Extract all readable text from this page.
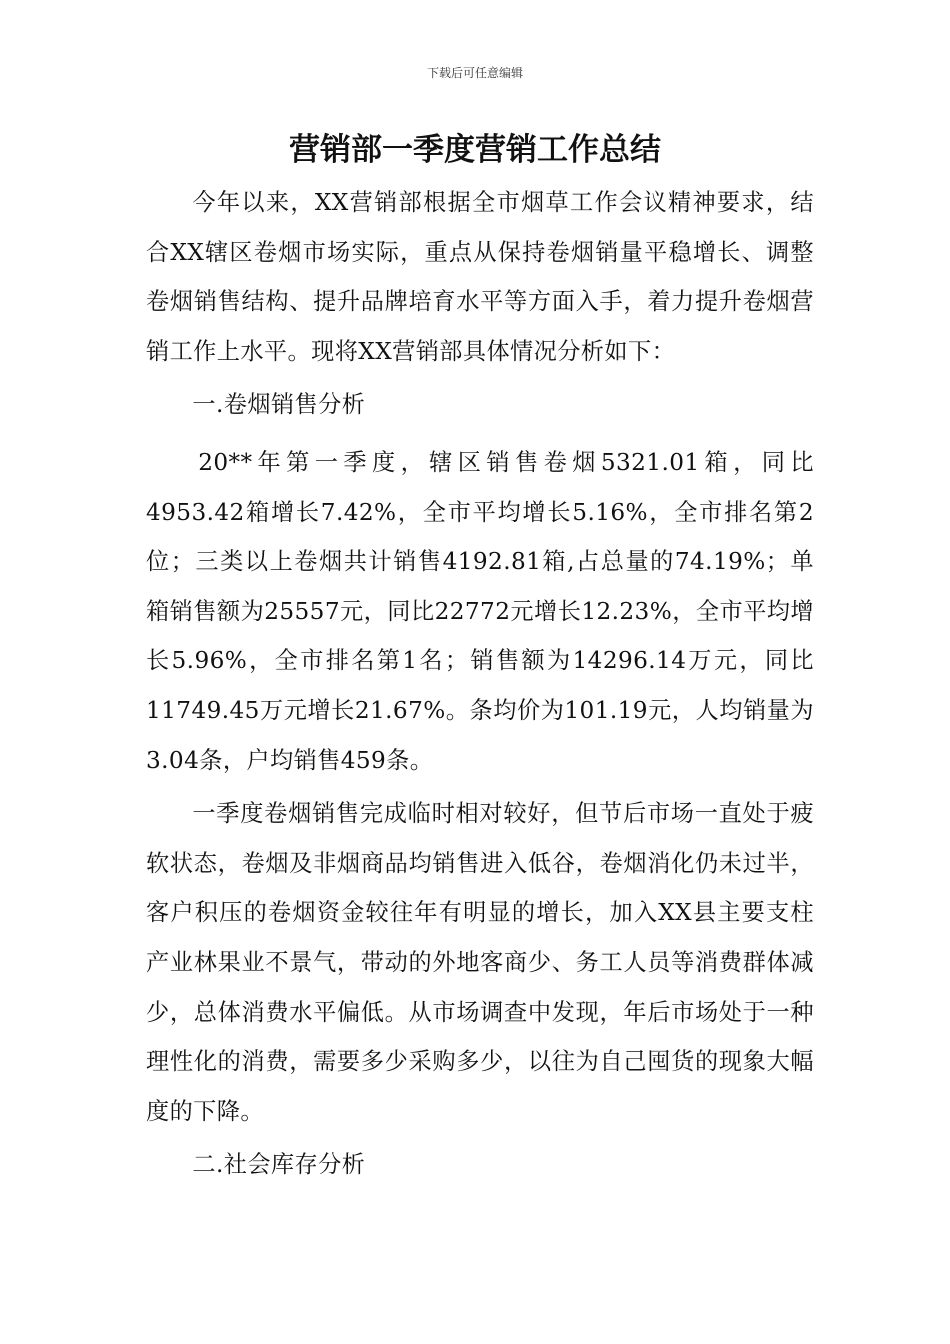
下载后可任意编辑
营销部一季度营销工作总结

今年以来，XX营销部根据全市烟草工作会议精神要求，结合XX辖区卷烟市场实际，重点从保持卷烟销量平稳增长、调整卷烟销售结构、提升品牌培育水平等方面入手，着力提升卷烟营销工作上水平。现将XX营销部具体情况分析如下：

一.卷烟销售分析

20**年第一季度，辖区销售卷烟5321.01箱，同比4953.42箱增长7.42%，全市平均增长5.16%，全市排名第2位；三类以上卷烟共计销售4192.81箱,占总量的74.19%；单箱销售额为25557元，同比22772元增长12.23%，全市平均增长5.96%，全市排名第1名；销售额为14296.14万元，同比11749.45万元增长21.67%。条均价为101.19元，人均销量为3.04条，户均销售459条。

一季度卷烟销售完成临时相对较好，但节后市场一直处于疲软状态，卷烟及非烟商品均销售进入低谷，卷烟消化仍未过半，客户积压的卷烟资金较往年有明显的增长，加入XX县主要支柱产业林果业不景气，带动的外地客商少、务工人员等消费群体减少，总体消费水平偏低。从市场调查中发现，年后市场处于一种理性化的消费，需要多少采购多少，以往为自己囤货的现象大幅度的下降。

二.社会库存分析
